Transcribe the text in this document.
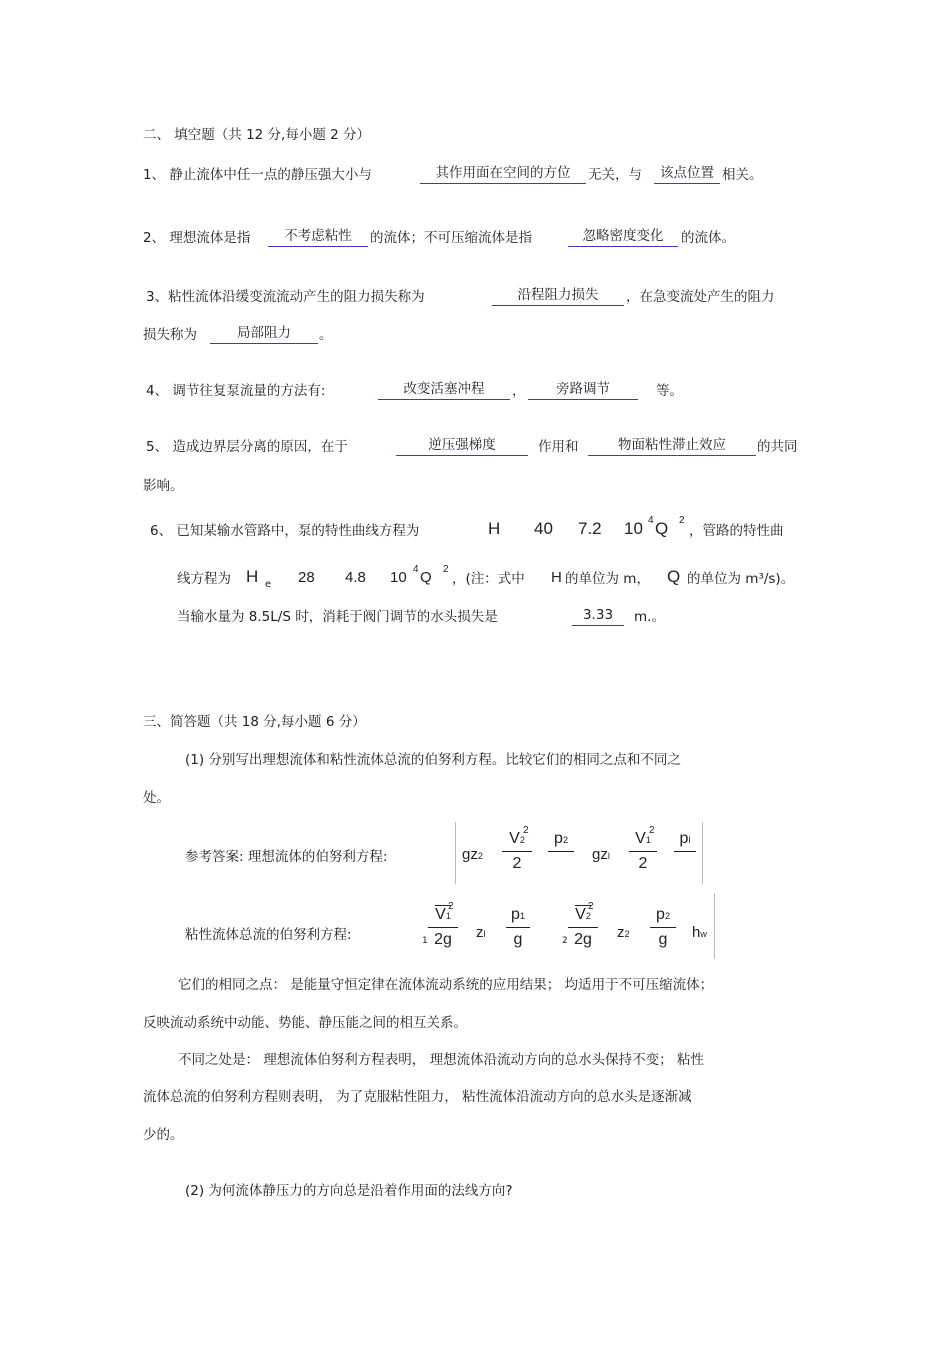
二、 填空题（共 12 分,每小题 2 分）
1、 静止流体中任一点的静压强大小与	其作用面在空间的方位	无关，与	该点位置 相关。
2、 理想流体是指	不考虑粘性	的流体；不可压缩流体是指	忽略密度变化	的流体。
3、粘性流体沿缓变流流动产生的阻力损失称为	沿程阻力损失	，在急变流处产生的阻力
损失称为	局部阻力	。
4、 调节往复泵流量的方法有:	改变活塞冲程	，	旁路调节	等。
5、 造成边界层分离的原因，在于	逆压强梯度	作用和	物面粘性滞止效应	的共同
影响。
6、 已知某输水管路中，泵的特性曲线方程为	H 40 7.2 10 4 Q 2
，管路的特性曲
线方程为 H e 28 4.8 10 4 Q 2
，(注：式中 H 的单位为 m， Q 的单位为 m³/s)。
当输水量为 8.5L/S 时，消耗于阀门调节的水头损失是	3.33	m.。
三、简答题（共 18 分,每小题 6 分）
(1) 分别写出理想流体和粘性流体总流的伯努利方程。比较它们的相同之点和不同之
处。
参考答案: 理想流体的伯努利方程:	$gz2 \frac{V2}{2}$
2	p2

gzl $\frac{V1}{2}$
2	pl

粘性流体总流的伯努利方程:	$1 \frac{V1}{2g}$
2
zl $\frac{p1}{g}$	$2 \frac{V2}{2g}$
2
$z2 \frac{p2}{g}$ hw
它们的相同之点： 是能量守恒定律在流体流动系统的应用结果； 均适用于不可压缩流体；
反映流动系统中动能、势能、静压能之间的相互关系。
不同之处是： 理想流体伯努利方程表明， 理想流体沿流动方向的总水头保持不变； 粘性
流体总流的伯努利方程则表明， 为了克服粘性阻力， 粘性流体沿流动方向的总水头是逐渐减
少的。
(2) 为何流体静压力的方向总是沿着作用面的法线方向?
